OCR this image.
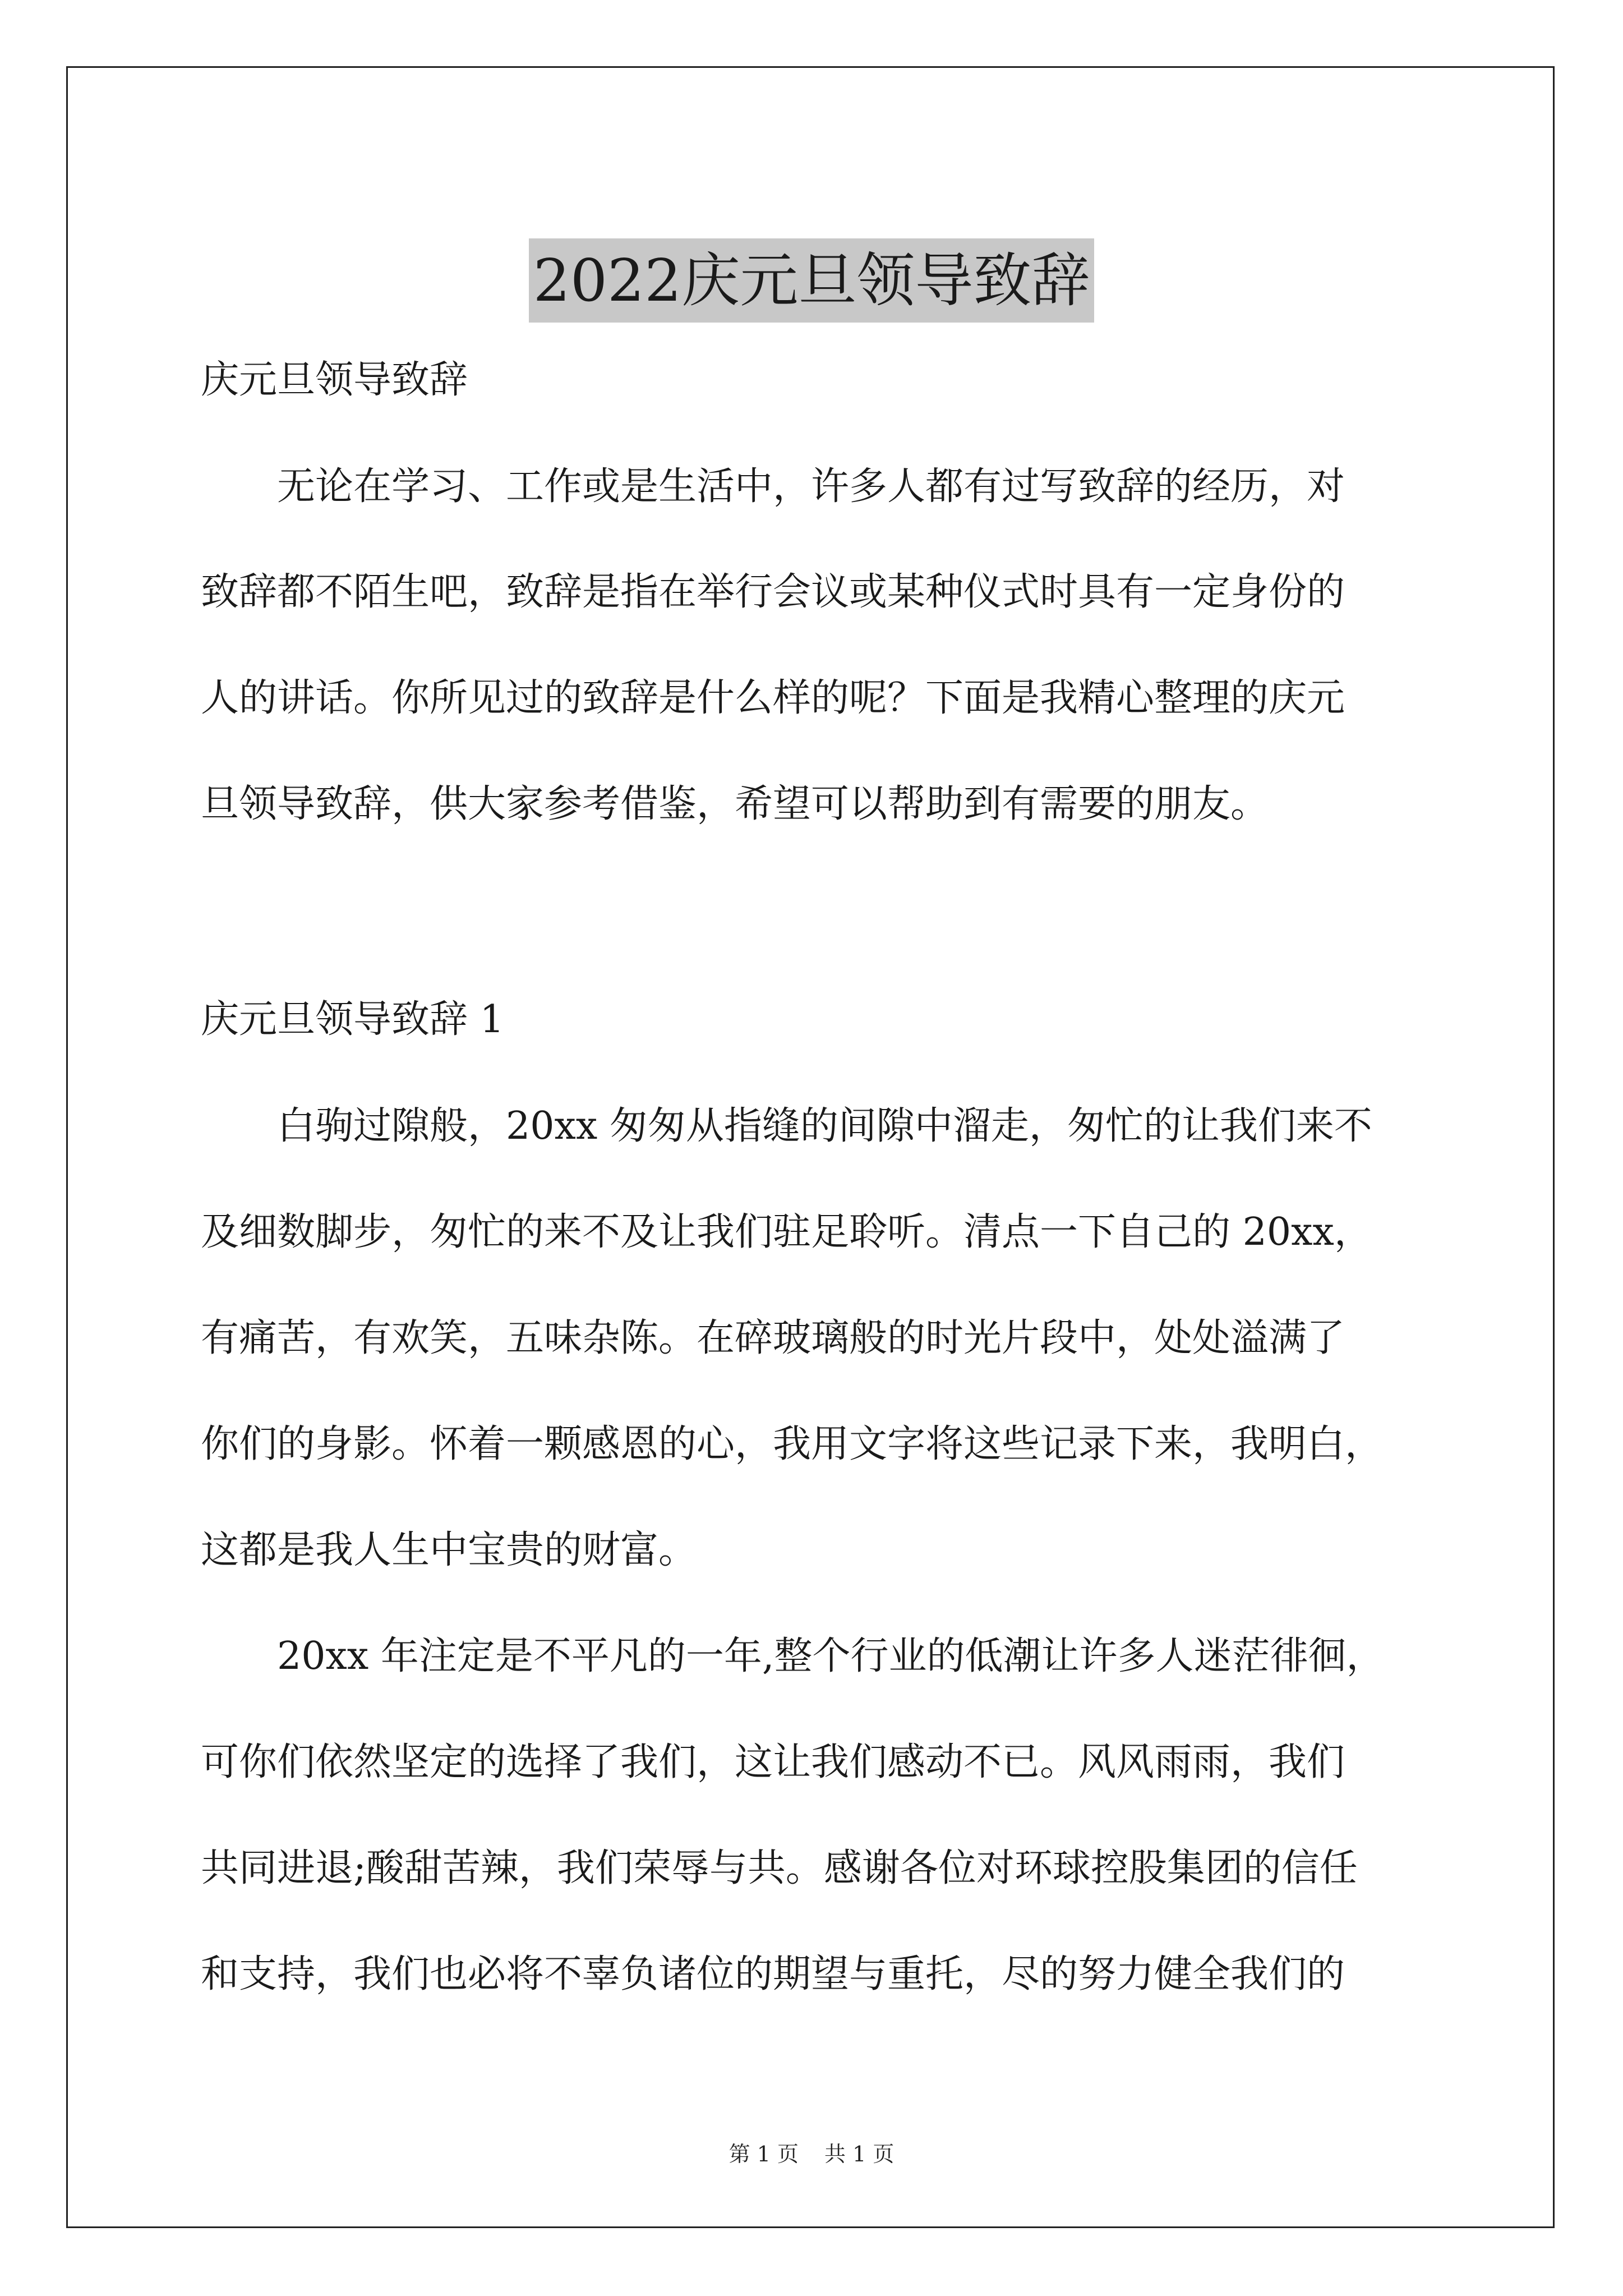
2022庆元旦领导致辞
庆元旦领导致辞
　　无论在学习、工作或是生活中，许多人都有过写致辞的经历，对
致辞都不陌生吧，致辞是指在举行会议或某种仪式时具有一定身份的
人的讲话。你所见过的致辞是什么样的呢？下面是我精心整理的庆元
旦领导致辞，供大家参考借鉴，希望可以帮助到有需要的朋友。
庆元旦领导致辞 1
　　白驹过隙般，20xx 匆匆从指缝的间隙中溜走，匆忙的让我们来不
及细数脚步，匆忙的来不及让我们驻足聆听。清点一下自己的 20xx，
有痛苦，有欢笑，五味杂陈。在碎玻璃般的时光片段中，处处溢满了
你们的身影。怀着一颗感恩的心，我用文字将这些记录下来，我明白，
这都是我人生中宝贵的财富。
　　20xx 年注定是不平凡的一年,整个行业的低潮让许多人迷茫徘徊，
可你们依然坚定的选择了我们，这让我们感动不已。风风雨雨，我们
共同进退;酸甜苦辣，我们荣辱与共。感谢各位对环球控股集团的信任
和支持，我们也必将不辜负诸位的期望与重托，尽的努力健全我们的
第 1 页 共 1 页
